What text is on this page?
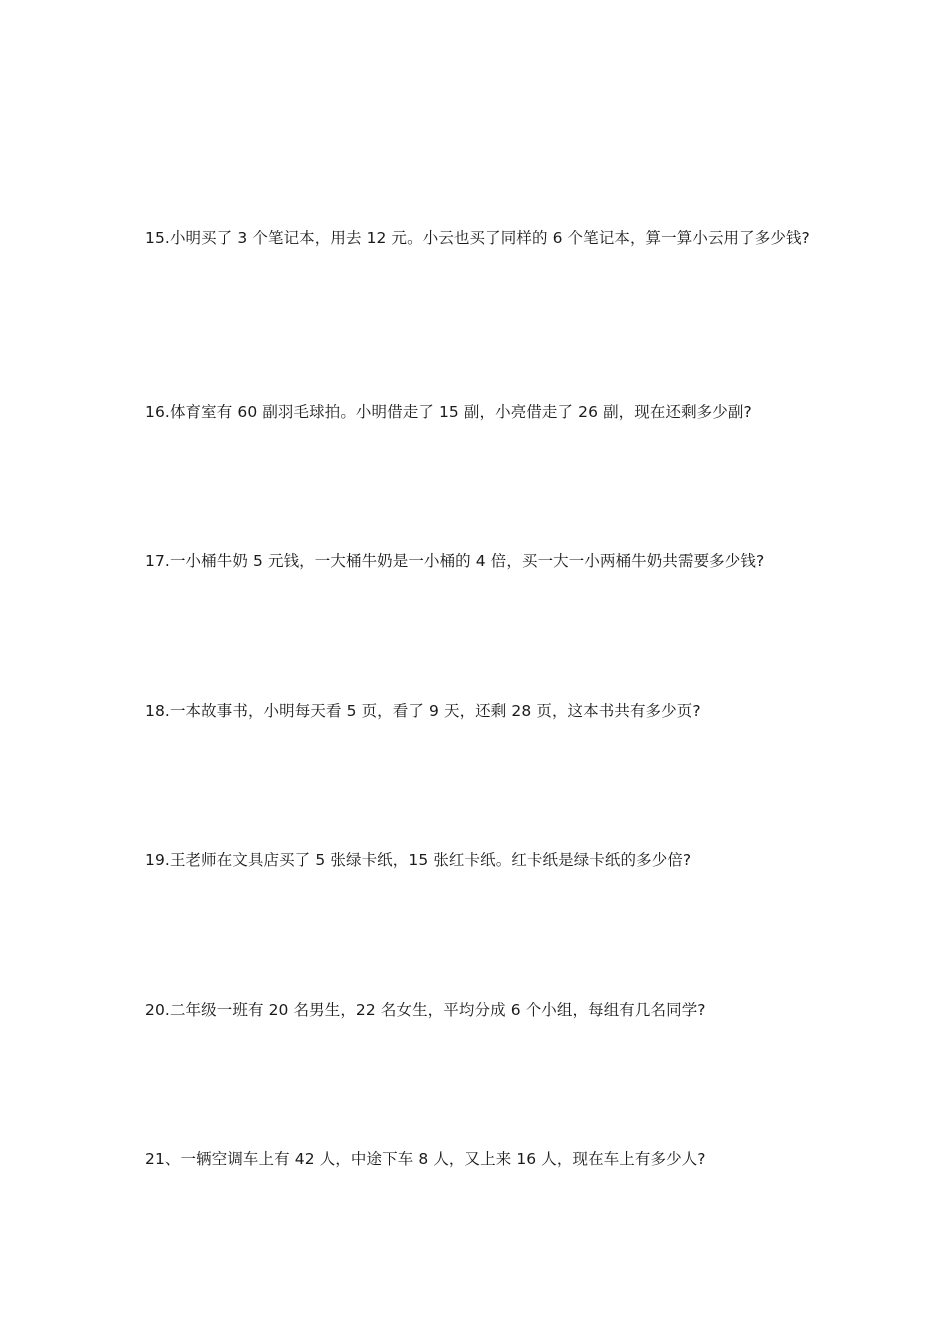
15.小明买了 3 个笔记本，用去 12 元。小云也买了同样的 6 个笔记本，算一算小云用了多少钱?

16.体育室有 60 副羽毛球拍。小明借走了 15 副，小亮借走了 26 副，现在还剩多少副?

17.一小桶牛奶 5 元钱，一大桶牛奶是一小桶的 4 倍，买一大一小两桶牛奶共需要多少钱?

18.一本故事书，小明每天看 5 页，看了 9 天，还剩 28 页，这本书共有多少页?

19.王老师在文具店买了 5 张绿卡纸，15 张红卡纸。红卡纸是绿卡纸的多少倍?

20.二年级一班有 20 名男生，22 名女生，平均分成 6 个小组，每组有几名同学?

21、一辆空调车上有 42 人，中途下车 8 人，又上来 16 人，现在车上有多少人?
